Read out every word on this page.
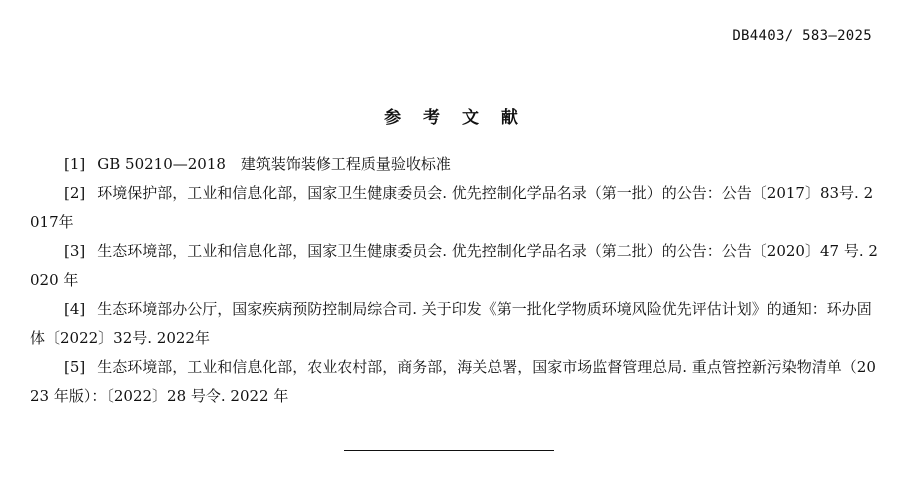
DB4403/ 583—2025
参 考 文 献
[1] GB 50210—2018　建筑装饰装修工程质量验收标准
[2] 环境保护部，工业和信息化部，国家卫生健康委员会. 优先控制化学品名录（第一批）的公告：公告〔2017〕83号. 2017年
[3] 生态环境部，工业和信息化部，国家卫生健康委员会. 优先控制化学品名录（第二批）的公告：公告〔2020〕47 号. 2020 年
[4] 生态环境部办公厅，国家疾病预防控制局综合司. 关于印发《第一批化学物质环境风险优先评估计划》的通知：环办固体〔2022〕32号. 2022年
[5] 生态环境部，工业和信息化部，农业农村部，商务部，海关总署，国家市场监督管理总局. 重点管控新污染物清单（2023 年版）：〔2022〕28 号令. 2022 年
